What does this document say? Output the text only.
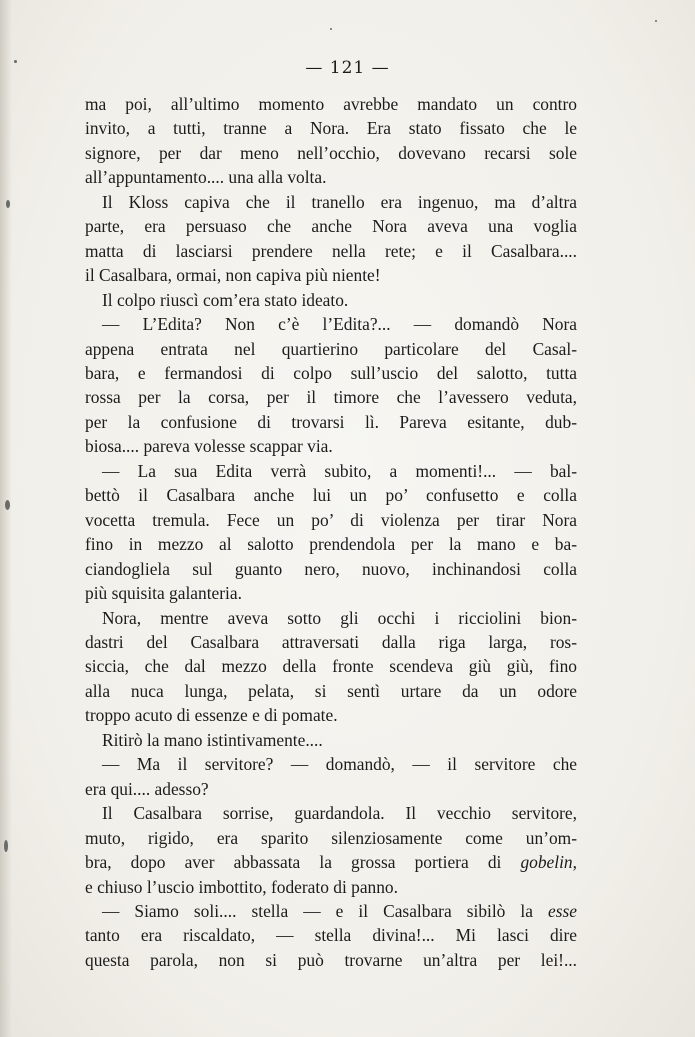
— 121 —
ma poi, all’ultimo momento avrebbe mandato un contro
invito, a tutti, tranne a Nora. Era stato fissato che le
signore, per dar meno nell’occhio, dovevano recarsi sole
all’appuntamento.... una alla volta.
Il Kloss capiva che il tranello era ingenuo, ma d’altra
parte, era persuaso che anche Nora aveva una voglia
matta di lasciarsi prendere nella rete; e il Casalbara....
il Casalbara, ormai, non capiva più niente!
Il colpo riuscì com’era stato ideato.
— L’Edita? Non c’è l’Edita?... — domandò Nora
appena entrata nel quartierino particolare del Casal-
bara, e fermandosi di colpo sull’uscio del salotto, tutta
rossa per la corsa, per il timore che l’avessero veduta,
per la confusione di trovarsi lì. Pareva esitante, dub-
biosa.... pareva volesse scappar via.
— La sua Edita verrà subito, a momenti!... — bal-
bettò il Casalbara anche lui un po’ confusetto e colla
vocetta tremula. Fece un po’ di violenza per tirar Nora
fino in mezzo al salotto prendendola per la mano e ba-
ciandogliela sul guanto nero, nuovo, inchinandosi colla
più squisita galanteria.
Nora, mentre aveva sotto gli occhi i ricciolini bion-
dastri del Casalbara attraversati dalla riga larga, ros-
siccia, che dal mezzo della fronte scendeva giù giù, fino
alla nuca lunga, pelata, si sentì urtare da un odore
troppo acuto di essenze e di pomate.
Ritirò la mano istintivamente....
— Ma il servitore? — domandò, — il servitore che
era qui.... adesso?
Il Casalbara sorrise, guardandola. Il vecchio servitore,
muto, rigido, era sparito silenziosamente come un’om-
bra, dopo aver abbassata la grossa portiera di gobelin,
e chiuso l’uscio imbottito, foderato di panno.
— Siamo soli.... stella — e il Casalbara sibilò la esse
tanto era riscaldato, — stella divina!... Mi lasci dire
questa parola, non si può trovarne un’altra per lei!...
